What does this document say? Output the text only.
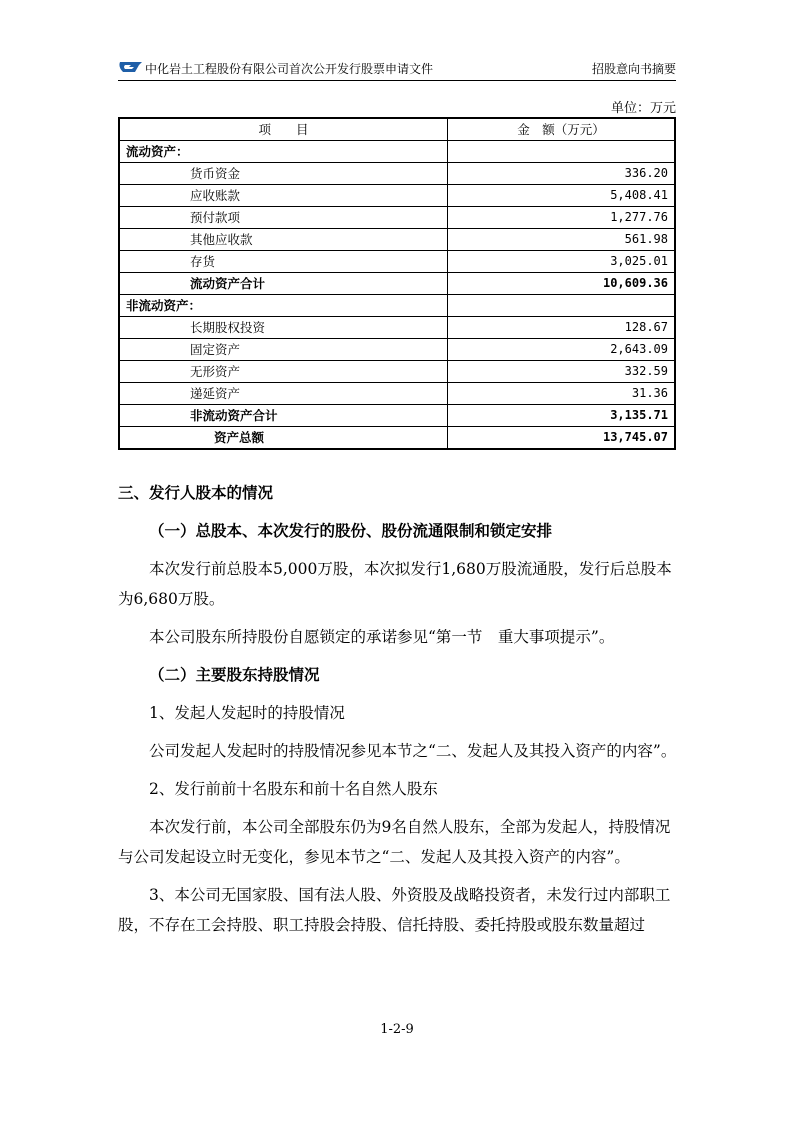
中化岩土工程股份有限公司首次公开发行股票申请文件	招股意向书摘要
单位：万元
项　　目	金　额（万元）
流动资产：	
货币资金	336.20
应收账款	5,408.41
预付款项	1,277.76
其他应收款	561.98
存货	3,025.01
流动资产合计	10,609.36
非流动资产：	
长期股权投资	128.67
固定资产	2,643.09
无形资产	332.59
递延资产	31.36
非流动资产合计	3,135.71
资产总额	13,745.07
三、发行人股本的情况
（一）总股本、本次发行的股份、股份流通限制和锁定安排

本次发行前总股本5,000万股，本次拟发行1,680万股流通股，发行后总股本为6,680万股。

本公司股东所持股份自愿锁定的承诺参见“第一节　重大事项提示”。

（二）主要股东持股情况

1、发起人发起时的持股情况

公司发起人发起时的持股情况参见本节之“二、发起人及其投入资产的内容”。

2、发行前前十名股东和前十名自然人股东

本次发行前，本公司全部股东仍为9名自然人股东，全部为发起人，持股情况与公司发起设立时无变化，参见本节之“二、发起人及其投入资产的内容”。

3、本公司无国家股、国有法人股、外资股及战略投资者，未发行过内部职工股，不存在工会持股、职工持股会持股、信托持股、委托持股或股东数量超过

1-2-9
